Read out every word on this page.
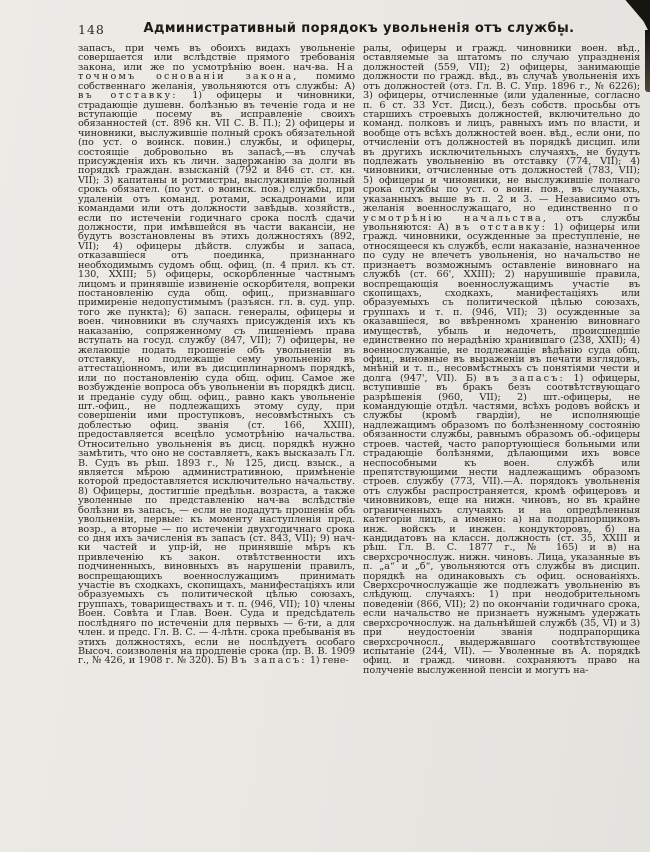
148	Административный порядокъ увольненія отъ службы.
запасъ, при чемъ въ обоихъ видахъ увольненіе совершается или вслѣдствіе прямого требованія закона, или же по усмотрѣнію воен. нач-ва. На точномъ основаніи закона, помимо собственнаго желанія, увольняются отъ службы: А) въ отставку: 1) офицеры и чиновники, страдающіе душевн. болѣзнью въ теченіе года и не вступающіе посему въ исправленіе своихъ обязанностей (ст. 896 кн. VII С. В. П.); 2) офицеры и чиновники, выслужившіе полный срокъ обязательной (по уст. о воинск. повин.) службы, и офицеры, состоящіе добровольно въ запасѣ,—въ случаѣ присужденія ихъ къ личн. задержанію за долги въ порядкѣ граждан. взысканій (792 и 846 ст. ст. кн. VII); 3) капитаны и ротмистры, выслужившіе полный срокъ обязател. (по уст. о воинск. пов.) службы, при удаленіи отъ команд. ротами, эскадронами или командами или отъ должности завѣдыв. хозяйств., если по истеченіи годичнаго срока послѣ сдачи должности, при имѣвшейся въ части вакансіи, не будутъ возстановлены въ этихъ должностяхъ (892, VII); 4) офицеры дѣйств. службы и запаса, отказавшіеся отъ поединка, признаннаго необходимымъ судомъ общ. офиц. (п. 4 прил. къ ст. 130, XXIII; 5) офицеры, оскорбленные частнымъ лицомъ и принявшіе извиненіе оскорбителя, вопреки постановленію суда общ. офиц., признавшаго примиреніе недопустимымъ (разъясн. гл. в. суд. упр. того же пункта); 6) запасн. генералы, офицеры и воен. чиновники въ случаяхъ присужденія ихъ къ наказанію, сопряженному съ лишеніемъ права вступать на госуд. службу (847, VII); 7) офицеры, не желающіе подать прошеніе объ увольненіи въ отставку, но подлежащіе сему увольненію въ аттестаціонномъ, или въ дисциплинарномъ порядкѣ, или по постановленію суда общ. офиц. Самое же возбужденіе вопроса объ увольненіи въ порядкѣ дисц. и преданіе суду общ. офиц., равно какъ увольненіе шт.-офиц., не подлежащихъ этому суду, при совершеніи ими проступковъ, несовмѣстныхъ съ доблестью офиц. званія (ст. 166, XXIII), предоставляется всецѣло усмотрѣнію начальства. Относительно увольненія въ дисц. порядкѣ нужно замѣтить, что оно не составляетъ, какъ высказалъ Гл. В. Судъ въ рѣш. 1893 г., № 125, дисц. взыск., а является мѣрою административною, примѣненіе которой предоставляется исключительно начальству. 8) Офицеры, достигшіе предѣльн. возраста, а также уволенные по представленію нач-ва вслѣдствіе болѣзни въ запасъ, — если не подадутъ прошенія объ увольненіи, первые: къ моменту наступленія пред. возр., а вторые — по истеченіи двухгодичнаго срока со дня ихъ зачисленія въ запасъ (ст. 843, VII); 9) нач-ки частей и упр-ій, не принявшіе мѣръ къ привлеченію къ закон. отвѣтственности ихъ подчиненныхъ, виновныхъ въ нарушеніи правилъ, воспрещающихъ военнослужащимъ принимать участіе въ сходкахъ, скопищахъ, манифестаціяхъ или образуемыхъ съ политической цѣлью союзахъ, группахъ, товариществахъ и т. п. (946, VII); 10) члены Воен. Совѣта и Глав. Воен. Суда и предсѣдатель послѣдняго по истеченіи для первыхъ — 6-ти, а для член. и предс. Гл. В. С. — 4-лѣтн. срока пребыванія въ этихъ должностяхъ, если не послѣдуетъ особаго Высоч. соизволенія на продленіе срока (пр. В. В. 1909 г., № 426, и 1908 г. № 320). Б) Въ запасъ: 1) гене-
ралы, офицеры и гражд. чиновники воен. вѣд., оставляемые за штатомъ по случаю упраздненія должностей (559, VII); 2) офицеры, занимающіе должности по гражд. вѣд., въ случаѣ увольненія ихъ отъ должностей (отз. Гл. В. С. Упр. 1896 г., № 6226); 3) офицеры, отчисленные (или удаленные, согласно п. 6 ст. 33 Уст. Дисц.), безъ собств. просьбы отъ старшихъ строевыхъ должностей, включительно до команд. полковъ и лицъ, равныхъ имъ по власти, и вообще отъ всѣхъ должностей воен. вѣд., если они, по отчисленіи отъ должностей въ порядкѣ дисцип. или въ другихъ исключительныхъ случаяхъ, не будутъ подлежать увольненію въ отставку (774, VII); 4) чиновники, отчисленные отъ должностей (783, VII); 5) офицеры и чиновники, не выслужившіе полнаго срока службы по уст. о воин. пов., въ случаяхъ, указанныхъ выше въ п. 2 и 3. — Независимо отъ желанія военнослужащаго, но единственно по усмотрѣнію начальства, отъ службы увольняются: А) въ отставку: 1) офицеры или гражд. чиновники, осужденные за преступленіе, не относящееся къ службѣ, если наказаніе, назначенное по суду не влечетъ увольненія, но начальство не признаетъ возможнымъ оставленіе виновнаго на службѣ (ст. 66', XXIII); 2) нарушившіе правила, воспрещающія военнослужащимъ участіе въ скопищахъ, сходкахъ, манифестаціяхъ или образуемыхъ съ политической цѣлью союзахъ, группахъ и т. п. (946, VII); 3) осужденные за оказавшіеся, во ввѣренномъ храненію виновнаго имуществѣ, убыль и недочетъ, происшедшіе единственно по нерадѣнію хранившаго (238, XXII); 4) военнослужащіе, не подлежащіе вѣдѣнію суда общ. офиц., виновные въ выраженіи въ печати взглядовъ, мнѣній и т. п., несовмѣстныхъ съ понятіями чести и долга (947', VII). Б) въ запасъ: 1) офицеры, вступившіе въ бракъ безъ соотвѣтствующаго разрѣшенія (960, VII); 2) шт.-офицеры, не командующіе отдѣл. частями, всѣхъ родовъ войскъ и службы (кромѣ гвардіи), не исполняющіе надлежащимъ образомъ по болѣзненному состоянію обязанности службы, равнымъ образомъ об.-офицеры строев. частей, часто рапортующіеся больными или страдающіе болѣзнями, дѣлающими ихъ вовсе неспособными къ воен. службѣ или препятствующими нести надлежащимъ образомъ строев. службу (773, VII).—А. порядокъ увольненія отъ службы распространяется, кромѣ офицеровъ и чиновниковъ, еще на нижн. чиновъ, но въ крайне ограниченныхъ случаяхъ и на опредѣленныя категоріи лицъ, а именно: а) на подпрапорщиковъ инж. войскъ и инжен. кондукторовъ, б) на кандидатовъ на классн. должность (ст. 35, XXIII и рѣш. Гл. В. С. 1877 г., № 165) и в) на сверхсрочнослуж. нижн. чиновъ. Лица, указанные въ п. „а“ и „б“, увольняются отъ службы въ дисцип. порядкѣ на одинаковыхъ съ офиц. основаніяхъ. Сверхсрочнослужащіе же подлежатъ увольненію въ слѣдующ. случаяхъ: 1) при неодобрительномъ поведеніи (866, VII); 2) по окончаніи годичнаго срока, если начальство не признаетъ нужнымъ удержать сверхсрочнослуж. на дальнѣйшей службѣ (35, VI) и 3) при неудостоеніи званія подпрапорщика сверхсрочносл., выдержавшаго соотвѣтствующее испытаніе (244, VII). — Уволенные въ А. порядкѣ офиц. и гражд. чиновн. сохраняютъ право на полученіе выслуженной пенсіи и могутъ на-
